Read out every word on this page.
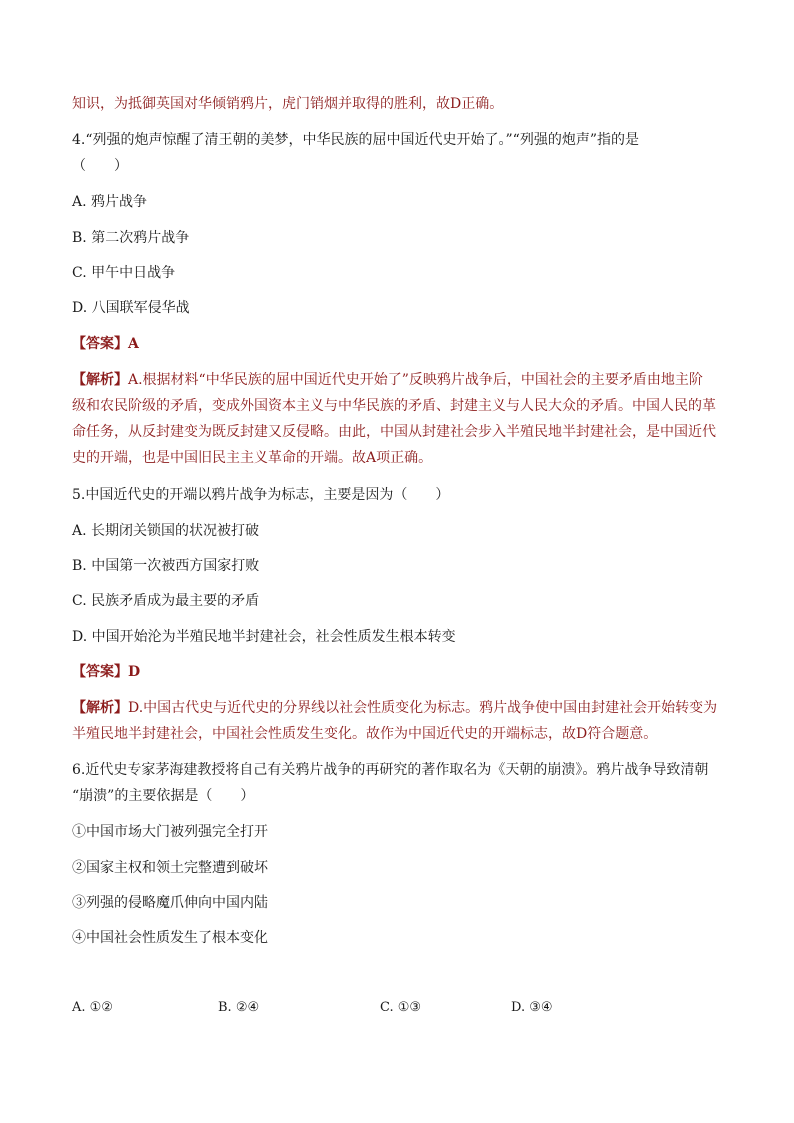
知识，为抵御英国对华倾销鸦片，虎门销烟并取得的胜利，故D正确。
4.“列强的炮声惊醒了清王朝的美梦，中华民族的屈中国近代史开始了。”“列强的炮声”指的是
（　　）
A. 鸦片战争
B. 第二次鸦片战争
C. 甲午中日战争
D. 八国联军侵华战
【答案】A
【解析】A.根据材料“中华民族的屈中国近代史开始了”反映鸦片战争后，中国社会的主要矛盾由地主阶
级和农民阶级的矛盾，变成外国资本主义与中华民族的矛盾、封建主义与人民大众的矛盾。中国人民的革
命任务，从反封建变为既反封建又反侵略。由此，中国从封建社会步入半殖民地半封建社会，是中国近代
史的开端，也是中国旧民主主义革命的开端。故A项正确。
5.中国近代史的开端以鸦片战争为标志，主要是因为（　　）
A. 长期闭关锁国的状况被打破
B. 中国第一次被西方国家打败
C. 民族矛盾成为最主要的矛盾
D. 中国开始沦为半殖民地半封建社会，社会性质发生根本转变
【答案】D
【解析】D.中国古代史与近代史的分界线以社会性质变化为标志。鸦片战争使中国由封建社会开始转变为
半殖民地半封建社会，中国社会性质发生变化。故作为中国近代史的开端标志，故D符合题意。
6.近代史专家茅海建教授将自己有关鸦片战争的再研究的著作取名为《天朝的崩溃》。鸦片战争导致清朝
“崩溃”的主要依据是（　　）
①中国市场大门被列强完全打开
②国家主权和领土完整遭到破坏
③列强的侵略魔爪伸向中国内陆
④中国社会性质发生了根本变化
A. ①②	B. ②④	C. ①③	D. ③④
